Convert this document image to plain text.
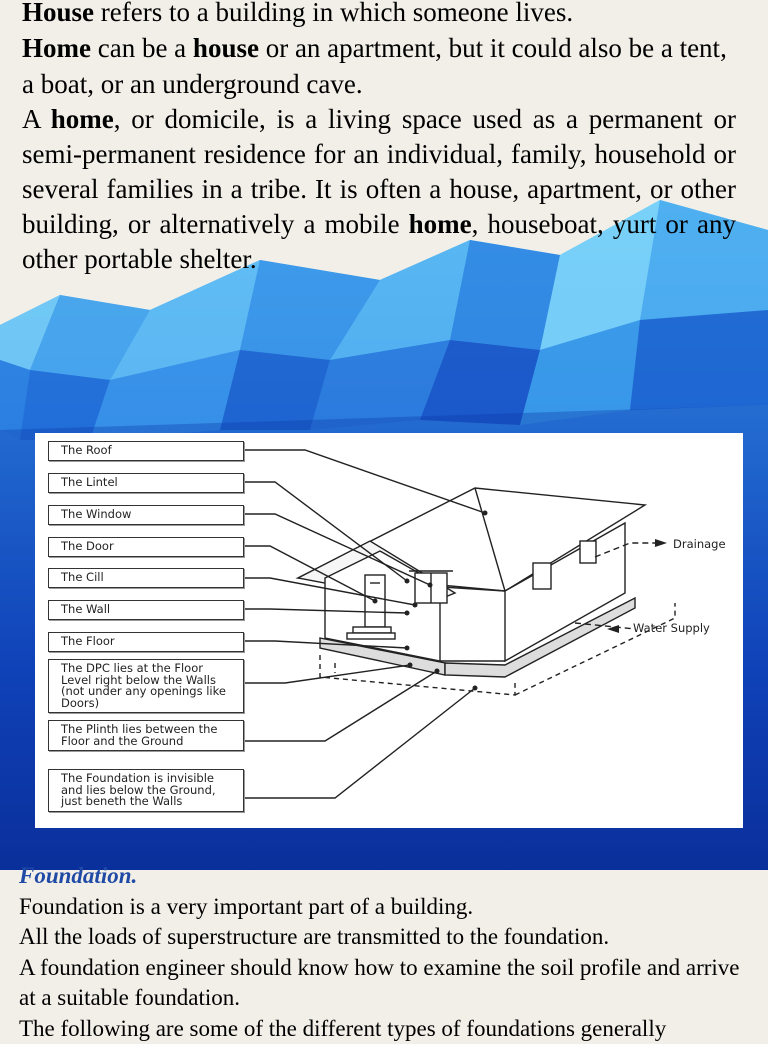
House refers to a building in which someone lives.

Home can be a house or an apartment, but it could also be a tent, a boat, or an underground cave.

A home, or domicile, is a living space used as a permanent or semi-permanent residence for an individual, family, household or several families in a tribe. It is often a house, apartment, or other building, or alternatively a mobile home, houseboat, yurt or any other portable shelter.

The Roof
The Lintel
The Window
The Door
The Cill
The Wall
The Floor
The DPC lies at the Floor Level right below the Walls (not under any openings like Doors)
The Plinth lies between the Floor and the Ground
The Foundation is invisible and lies below the Ground, just beneth the Walls
Drainage
Water Supply

Foundation.

Foundation is a very important part of a building.

All the loads of superstructure are transmitted to the foundation.

A foundation engineer should know how to examine the soil profile and arrive at a suitable foundation.

The following are some of the different types of foundations generally
